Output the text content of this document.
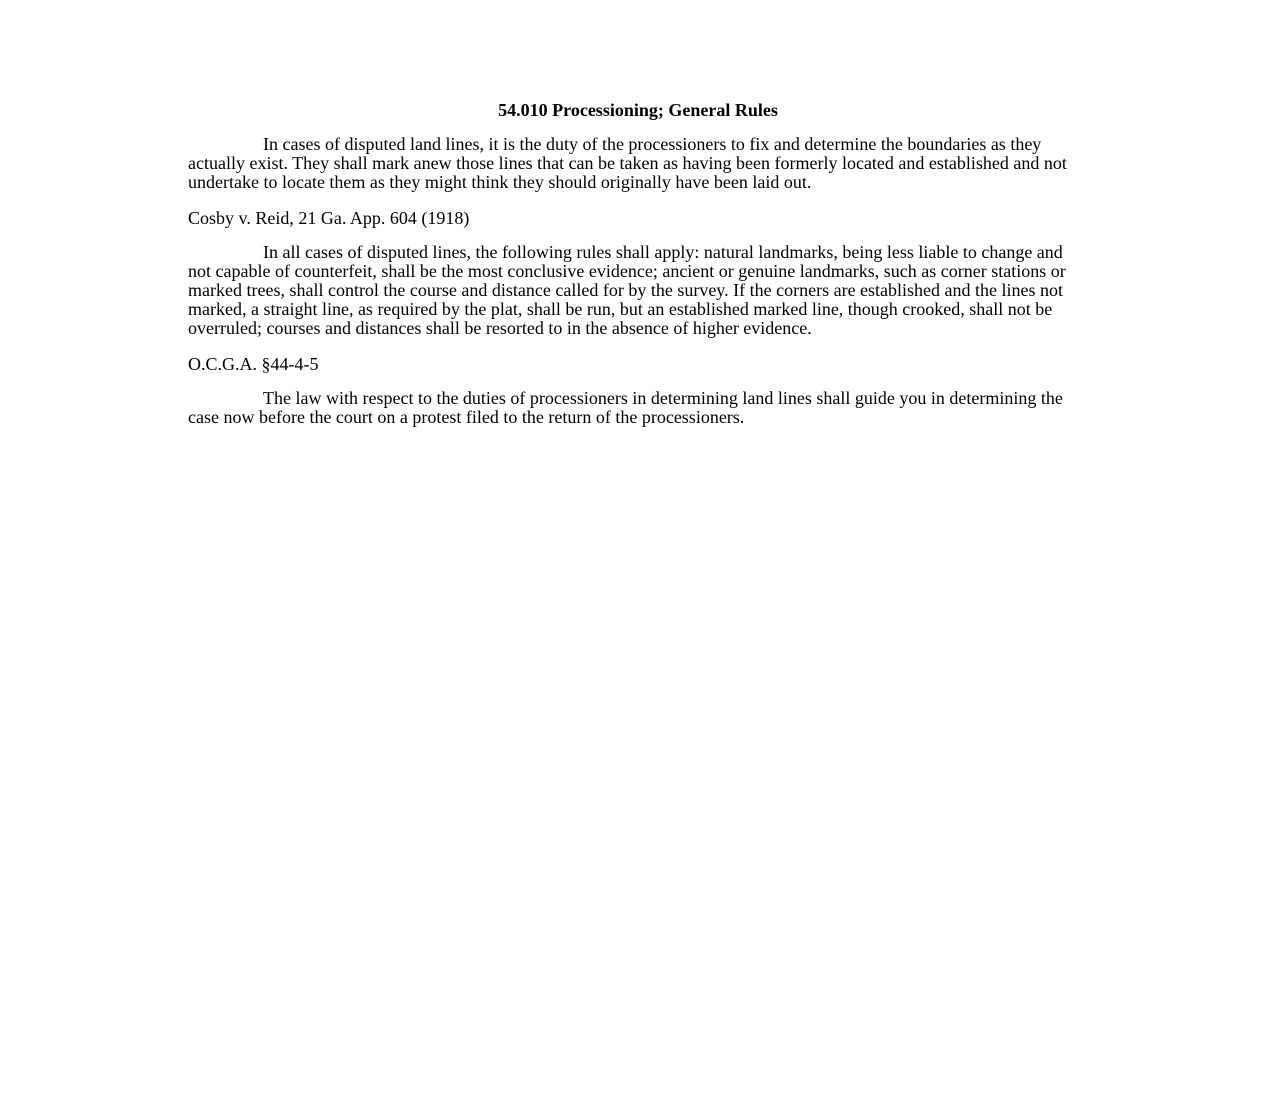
54.010 Processioning; General Rules
In cases of disputed land lines, it is the duty of the processioners to fix and determine the boundaries as they actually exist. They shall mark anew those lines that can be taken as having been formerly located and established and not undertake to locate them as they might think they should originally have been laid out.
Cosby v. Reid, 21 Ga. App. 604 (1918)
In all cases of disputed lines, the following rules shall apply: natural landmarks, being less liable to change and not capable of counterfeit, shall be the most conclusive evidence; ancient or genuine landmarks, such as corner stations or marked trees, shall control the course and distance called for by the survey. If the corners are established and the lines not marked, a straight line, as required by the plat, shall be run, but an established marked line, though crooked, shall not be overruled; courses and distances shall be resorted to in the absence of higher evidence.
O.C.G.A. §44-4-5
The law with respect to the duties of processioners in determining land lines shall guide you in determining the case now before the court on a protest filed to the return of the processioners.
